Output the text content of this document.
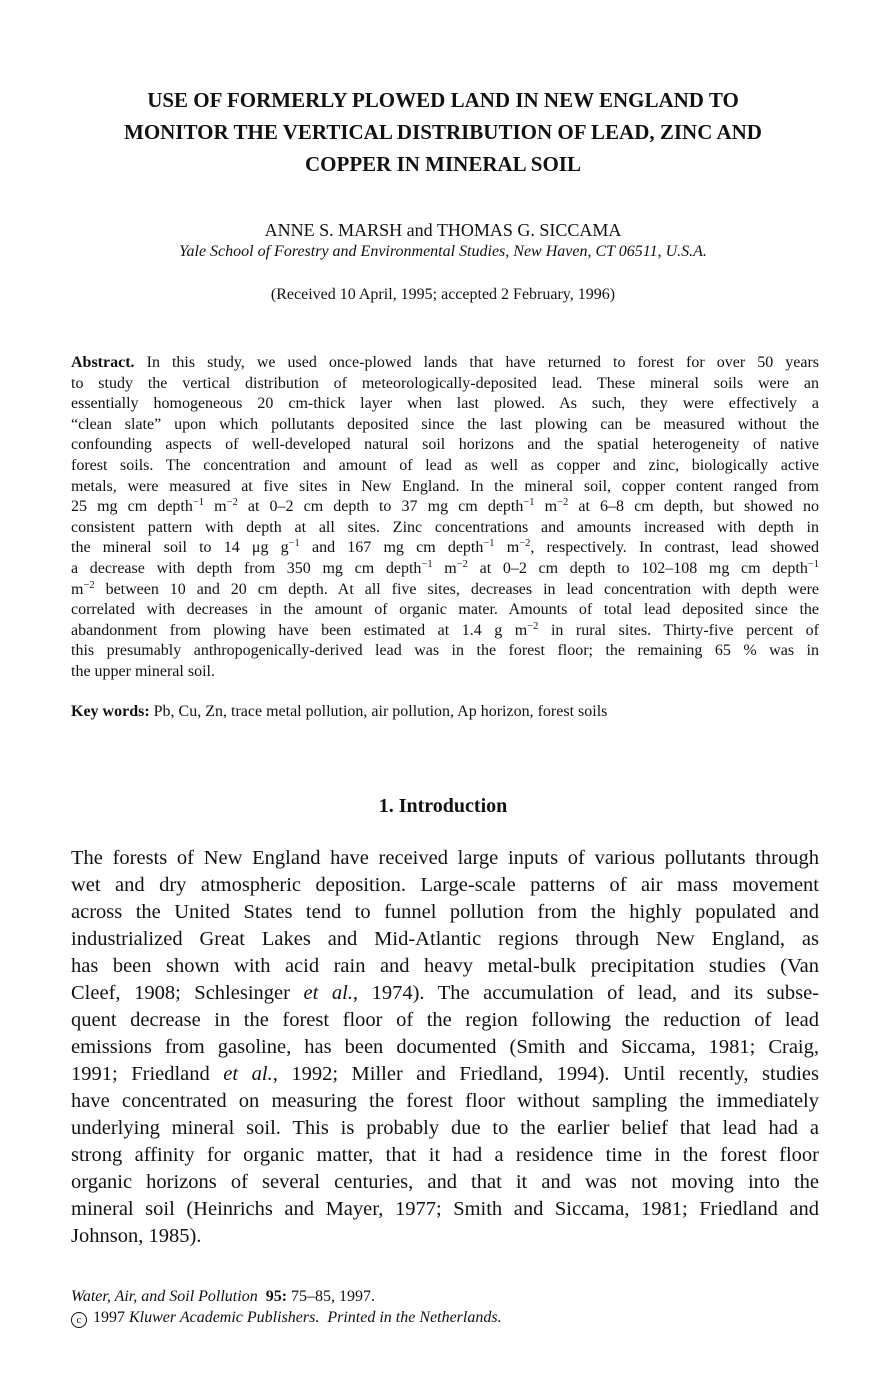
USE OF FORMERLY PLOWED LAND IN NEW ENGLAND TO
MONITOR THE VERTICAL DISTRIBUTION OF LEAD, ZINC AND
COPPER IN MINERAL SOIL
ANNE S. MARSH and THOMAS G. SICCAMA
Yale School of Forestry and Environmental Studies, New Haven, CT 06511, U.S.A.
(Received 10 April, 1995; accepted 2 February, 1996)
Abstract. In this study, we used once-plowed lands that have returned to forest for over 50 years
to study the vertical distribution of meteorologically-deposited lead. These mineral soils were an
essentially homogeneous 20 cm-thick layer when last plowed. As such, they were effectively a
“clean slate” upon which pollutants deposited since the last plowing can be measured without the
confounding aspects of well-developed natural soil horizons and the spatial heterogeneity of native
forest soils. The concentration and amount of lead as well as copper and zinc, biologically active
metals, were measured at five sites in New England. In the mineral soil, copper content ranged from
25 mg cm depth$^{-1}$ $m^{-2}$ at 0–2 cm depth to 37 mg cm depth$^{-1}$ $m^{-2}$ at 6–8 cm depth, but showed no
consistent pattern with depth at all sites. Zinc concentrations and amounts increased with depth in
the mineral soil to 14 μg $g^{-1}$ and 167 mg cm depth$^{-1}$ $m^{-2}$, respectively. In contrast, lead showed
a decrease with depth from 350 mg cm depth$^{-1}$ $m^{-2}$ at 0–2 cm depth to 102–108 mg cm depth$^{-1}$
$m^{-2}$ between 10 and 20 cm depth. At all five sites, decreases in lead concentration with depth were
correlated with decreases in the amount of organic mater. Amounts of total lead deposited since the
abandonment from plowing have been estimated at 1.4 g $m^{-2}$ in rural sites. Thirty-five percent of
this presumably anthropogenically-derived lead was in the forest floor; the remaining 65 % was in
the upper mineral soil.
Key words: Pb, Cu, Zn, trace metal pollution, air pollution, Ap horizon, forest soils
1. Introduction
The forests of New England have received large inputs of various pollutants through
wet and dry atmospheric deposition. Large-scale patterns of air mass movement
across the United States tend to funnel pollution from the highly populated and
industrialized Great Lakes and Mid-Atlantic regions through New England, as
has been shown with acid rain and heavy metal-bulk precipitation studies (Van
Cleef, 1908; Schlesinger et al., 1974). The accumulation of lead, and its subse-
quent decrease in the forest floor of the region following the reduction of lead
emissions from gasoline, has been documented (Smith and Siccama, 1981; Craig,
1991; Friedland et al., 1992; Miller and Friedland, 1994). Until recently, studies
have concentrated on measuring the forest floor without sampling the immediately
underlying mineral soil. This is probably due to the earlier belief that lead had a
strong affinity for organic matter, that it had a residence time in the forest floor
organic horizons of several centuries, and that it and was not moving into the
mineral soil (Heinrichs and Mayer, 1977; Smith and Siccama, 1981; Friedland and
Johnson, 1985).
Water, Air, and Soil Pollution 95: 75–85, 1997.
c 1997 Kluwer Academic Publishers. Printed in the Netherlands.
